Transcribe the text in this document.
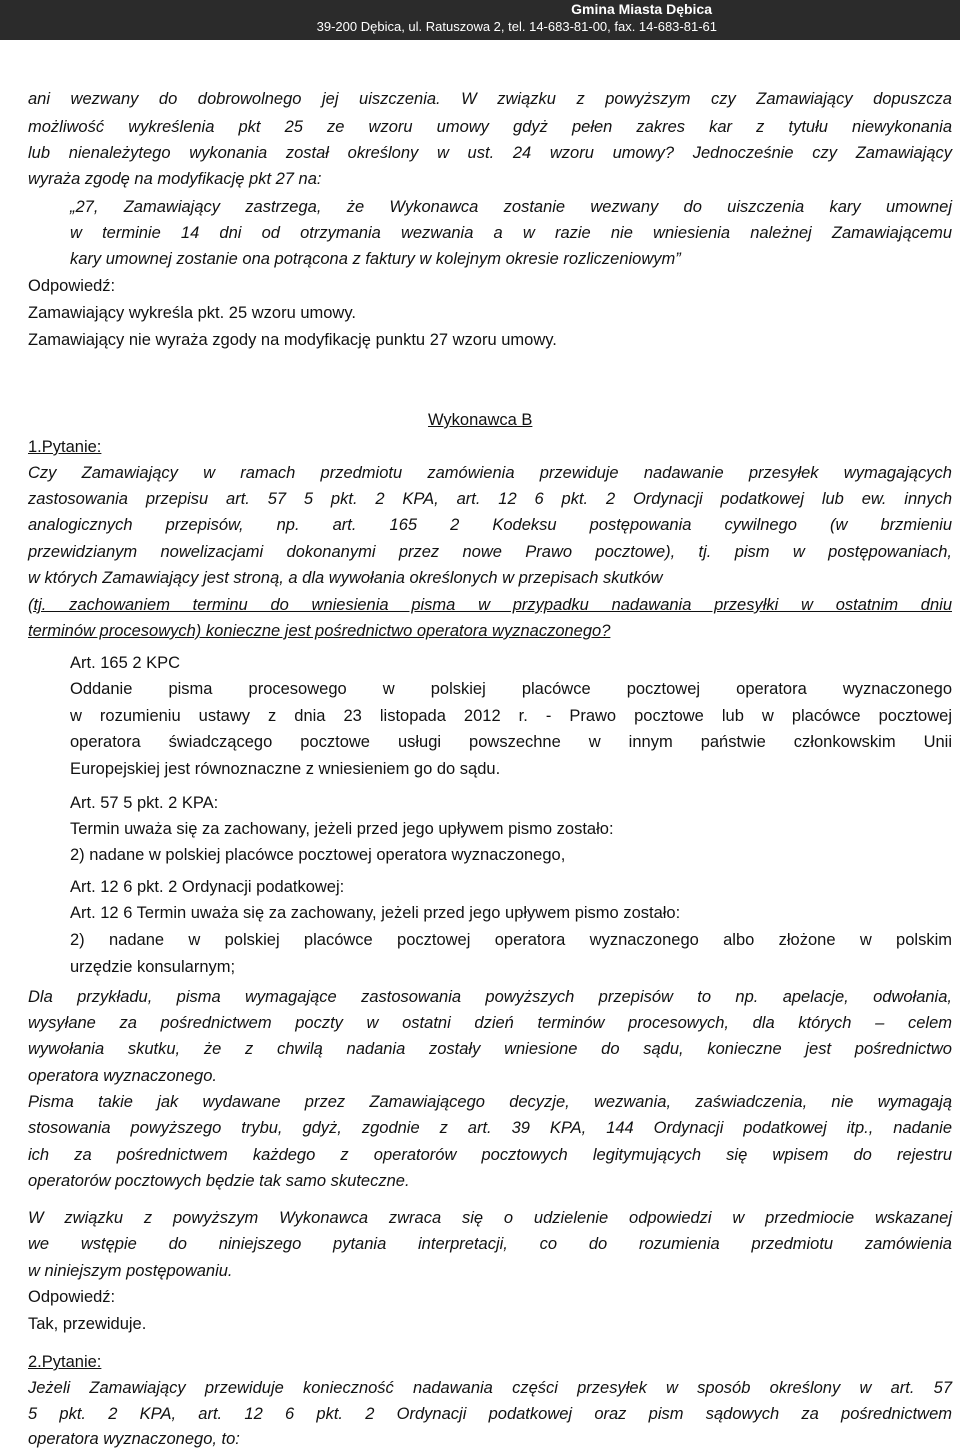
Gmina Miasta Dębica
39-200 Dębica, ul. Ratuszowa 2, tel. 14-683-81-00, fax. 14-683-81-61
ani wezwany do dobrowolnego jej uiszczenia. W związku z powyższym czy Zamawiający dopuszcza
możliwość wykreślenia pkt 25 ze wzoru umowy gdyż pełen zakres kar z tytułu niewykonania
lub nienależytego wykonania został określony w ust. 24 wzoru umowy? Jednocześnie czy Zamawiający
wyraża zgodę na modyfikację pkt 27 na:
„27, Zamawiający zastrzega, że Wykonawca zostanie wezwany do uiszczenia kary umownej
w terminie 14 dni od otrzymania wezwania a w razie nie wniesienia należnej Zamawiającemu
kary umownej zostanie ona potrącona z faktury w kolejnym okresie rozliczeniowym”
Odpowiedź:
Zamawiający wykreśla pkt. 25 wzoru umowy.
Zamawiający nie wyraża zgody na modyfikację punktu 27 wzoru umowy.
Wykonawca B
1.Pytanie:
Czy Zamawiający w ramach przedmiotu zamówienia przewiduje nadawanie przesyłek wymagających
zastosowania przepisu art. 57 5 pkt. 2 KPA, art. 12 6 pkt. 2 Ordynacji podatkowej lub ew. innych
analogicznych przepisów, np. art. 165 2 Kodeksu postępowania cywilnego (w brzmieniu
przewidzianym nowelizacjami dokonanymi przez nowe Prawo pocztowe), tj. pism w postępowaniach,
w których Zamawiający jest stroną, a dla wywołania określonych w przepisach skutków
(tj. zachowaniem terminu do wniesienia pisma w przypadku nadawania przesyłki w ostatnim dniu
terminów procesowych) konieczne jest pośrednictwo operatora wyznaczonego?
Art. 165 2 KPC
Oddanie pisma procesowego w polskiej placówce pocztowej operatora wyznaczonego
w rozumieniu ustawy z dnia 23 listopada 2012 r. - Prawo pocztowe lub w placówce pocztowej
operatora świadczącego pocztowe usługi powszechne w innym państwie członkowskim Unii
Europejskiej jest równoznaczne z wniesieniem go do sądu.
Art. 57 5 pkt. 2 KPA:
Termin uważa się za zachowany, jeżeli przed jego upływem pismo zostało:
2) nadane w polskiej placówce pocztowej operatora wyznaczonego,
Art. 12 6 pkt. 2 Ordynacji podatkowej:
Art. 12 6 Termin uważa się za zachowany, jeżeli przed jego upływem pismo zostało:
2) nadane w polskiej placówce pocztowej operatora wyznaczonego albo złożone w polskim
urzędzie konsularnym;
Dla przykładu, pisma wymagające zastosowania powyższych przepisów to np. apelacje, odwołania,
wysyłane za pośrednictwem poczty w ostatni dzień terminów procesowych, dla których – celem
wywołania skutku, że z chwilą nadania zostały wniesione do sądu, konieczne jest pośrednictwo
operatora wyznaczonego.
Pisma takie jak wydawane przez Zamawiającego decyzje, wezwania, zaświadczenia, nie wymagają
stosowania powyższego trybu, gdyż, zgodnie z art. 39 KPA, 144 Ordynacji podatkowej itp., nadanie
ich za pośrednictwem każdego z operatorów pocztowych legitymujących się wpisem do rejestru
operatorów pocztowych będzie tak samo skuteczne.
W związku z powyższym Wykonawca zwraca się o udzielenie odpowiedzi w przedmiocie wskazanej
we wstępie do niniejszego pytania interpretacji, co do rozumienia przedmiotu zamówienia
w niniejszym postępowaniu.
Odpowiedź:
Tak, przewiduje.
2.Pytanie:
Jeżeli Zamawiający przewiduje konieczność nadawania części przesyłek w sposób określony w art. 57
5 pkt. 2 KPA, art. 12 6 pkt. 2 Ordynacji podatkowej oraz pism sądowych za pośrednictwem
operatora wyznaczonego, to:
